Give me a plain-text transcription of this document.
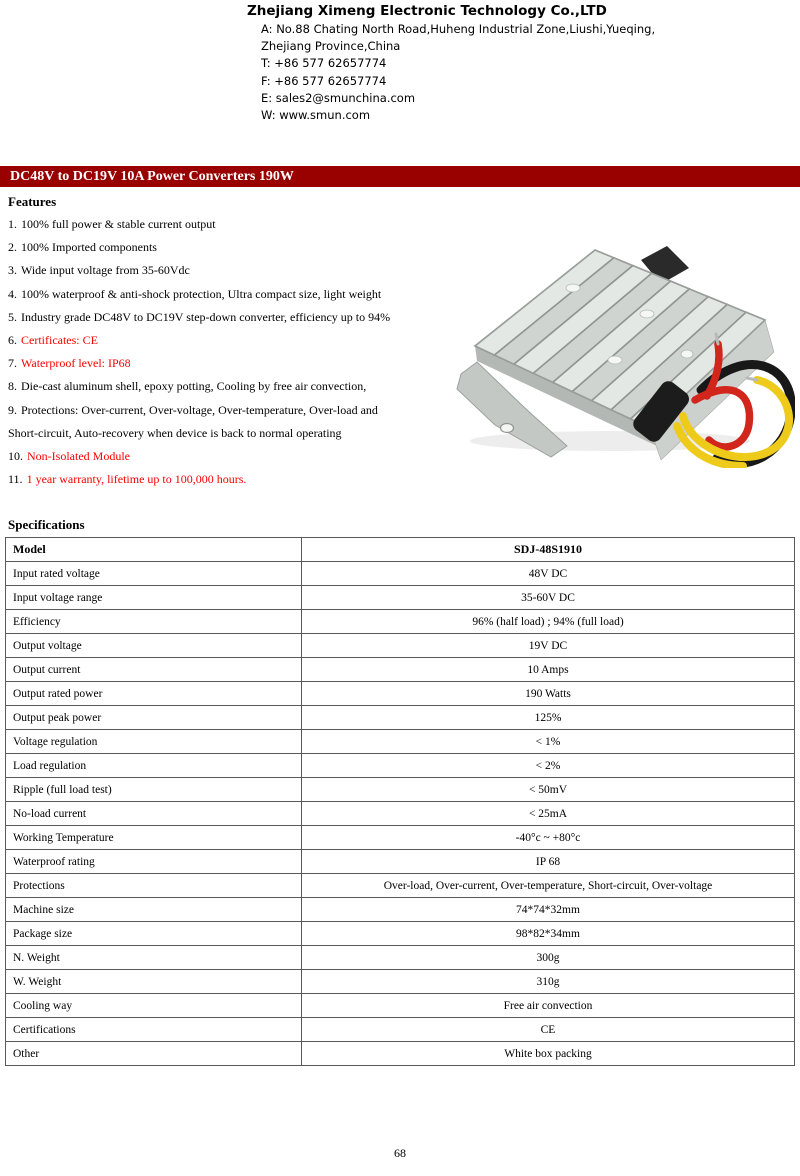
Zhejiang Ximeng Electronic Technology Co.,LTD
A: No.88 Chating North Road,Huheng Industrial Zone,Liushi,Yueqing,
Zhejiang Province,China
T: +86 577 62657774
F: +86 577 62657774
E: sales2@smunchina.com
W: www.smun.com
DC48V to DC19V 10A Power Converters 190W
Features
1. 100% full power & stable current output
2. 100% Imported components
3. Wide input voltage from 35-60Vdc
4. 100% waterproof & anti-shock protection, Ultra compact size, light weight
5. Industry grade DC48V to DC19V step-down converter, efficiency up to 94%
6. Certificates: CE
7. Waterproof level: IP68
8. Die-cast aluminum shell, epoxy potting, Cooling by free air convection,
9. Protections: Over-current, Over-voltage, Over-temperature, Over-load and
Short-circuit, Auto-recovery when device is back to normal operating
10. Non-Isolated Module
11. 1 year warranty, lifetime up to 100,000 hours.
Specifications
Model	SDJ-48S1910
Input rated voltage	48V DC
Input voltage range	35-60V DC
Efficiency	96% (half load) ; 94% (full load)
Output voltage	19V DC
Output current	10 Amps
Output rated power	190 Watts
Output peak power	125%
Voltage regulation	< 1%
Load regulation	< 2%
Ripple (full load test)	< 50mV
No-load current	< 25mA
Working Temperature	-40°c ~ +80°c
Waterproof rating	IP 68
Protections	Over-load, Over-current, Over-temperature, Short-circuit, Over-voltage
Machine size	74*74*32mm
Package size	98*82*34mm
N. Weight	300g
W. Weight	310g
Cooling way	Free air convection
Certifications	CE
Other	White box packing
68
